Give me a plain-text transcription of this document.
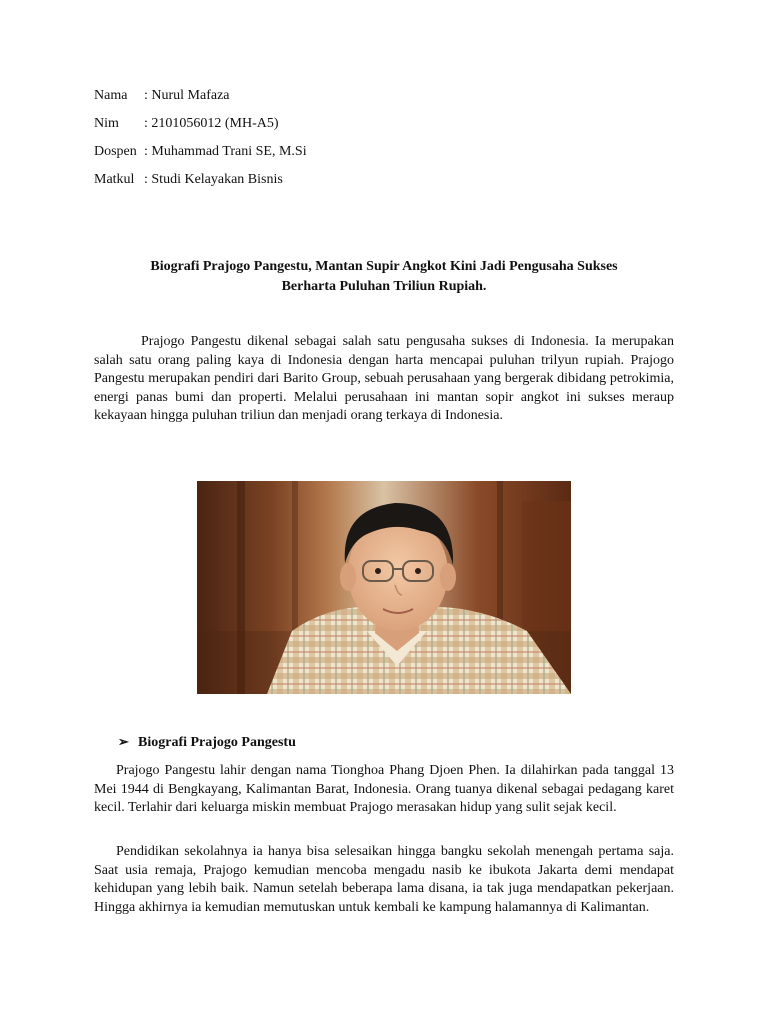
Nama : Nurul Mafaza
Nim : 2101056012 (MH-A5)
Dospen : Muhammad Trani SE, M.Si
Matkul : Studi Kelayakan Bisnis
Biografi Prajogo Pangestu, Mantan Supir Angkot Kini Jadi Pengusaha Sukses
Berharta Puluhan Triliun Rupiah.
Prajogo Pangestu dikenal sebagai salah satu pengusaha sukses di Indonesia. Ia merupakan salah satu orang paling kaya di Indonesia dengan harta mencapai puluhan trilyun rupiah. Prajogo Pangestu merupakan pendiri dari Barito Group, sebuah perusahaan yang bergerak dibidang petrokimia, energi panas bumi dan properti. Melalui perusahaan ini mantan sopir angkot ini sukses meraup kekayaan hingga puluhan triliun dan menjadi orang terkaya di Indonesia.
➢ Biografi Prajogo Pangestu
Prajogo Pangestu lahir dengan nama Tionghoa Phang Djoen Phen. Ia dilahirkan pada tanggal 13 Mei 1944 di Bengkayang, Kalimantan Barat, Indonesia. Orang tuanya dikenal sebagai pedagang karet kecil. Terlahir dari keluarga miskin membuat Prajogo merasakan hidup yang sulit sejak kecil.
Pendidikan sekolahnya ia hanya bisa selesaikan hingga bangku sekolah menengah pertama saja. Saat usia remaja, Prajogo kemudian mencoba mengadu nasib ke ibukota Jakarta demi mendapat kehidupan yang lebih baik. Namun setelah beberapa lama disana, ia tak juga mendapatkan pekerjaan. Hingga akhirnya ia kemudian memutuskan untuk kembali ke kampung halamannya di Kalimantan.
